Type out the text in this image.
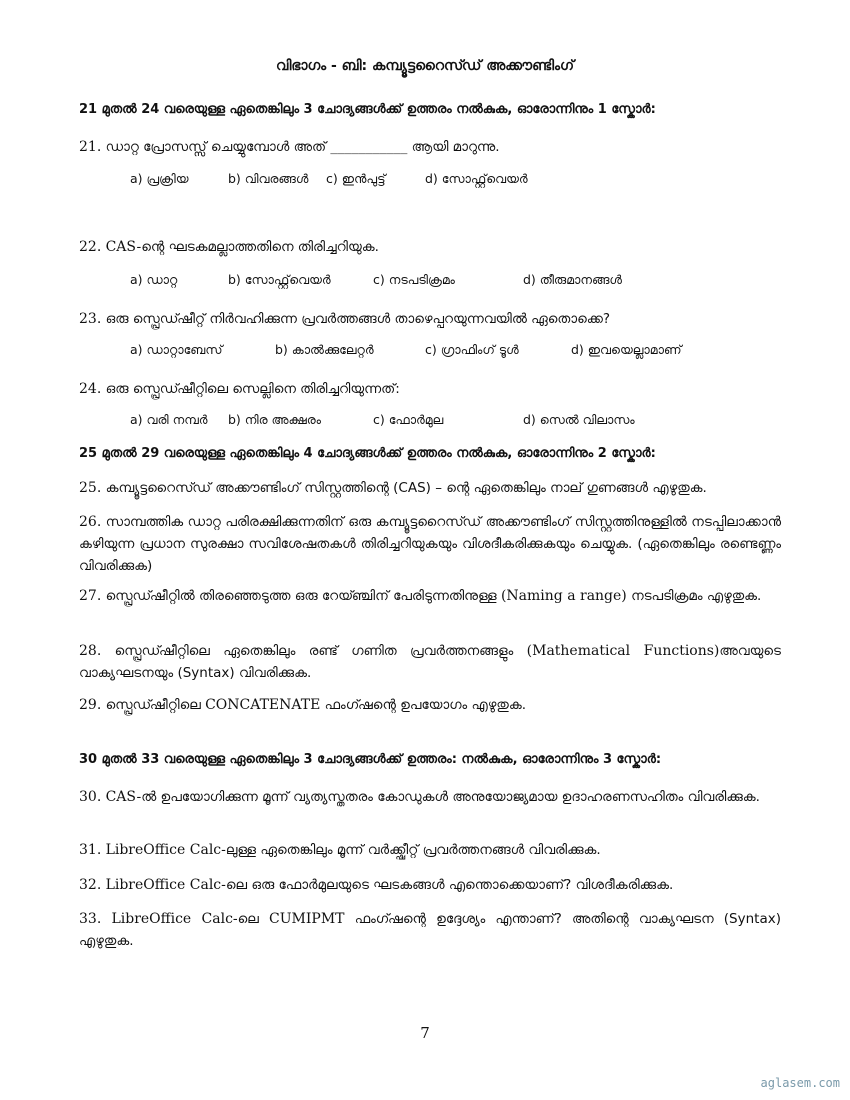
വിഭാഗം - ബി: കമ്പ്യൂട്ടറൈസ്ഡ് അക്കൗണ്ടിംഗ്
21 മുതൽ 24 വരെയുള്ള ഏതെങ്കിലും 3 ചോദ്യങ്ങൾക്ക് ഉത്തരം നൽകുക, ഓരോന്നിനും 1 സ്കോർ:
21. ഡാറ്റ പ്രോസസ്സ് ചെയ്യുമ്പോൾ അത് ___________ ആയി മാറുന്നു.
a) പ്രക്രിയ	b) വിവരങ്ങൾ c) ഇൻപുട്ട്	d) സോഫ്റ്റ്‌വെയർ
22. CAS-ന്റെ ഘടകമല്ലാത്തതിനെ തിരിച്ചറിയുക.
a) ഡാറ്റ	b) സോഫ്റ്റ്‌വെയർ	c) നടപടിക്രമം	d) തീരുമാനങ്ങൾ
23. ഒരു സ്പ്രെഡ്ഷീറ്റ് നിർവഹിക്കുന്ന പ്രവർത്തങ്ങൾ താഴെപ്പറയുന്നവയിൽ ഏതൊക്കെ?
a) ഡാറ്റാബേസ്	b) കാൽക്കുലേറ്റർ	c) ഗ്രാഫിംഗ് ടൂൾ	d) ഇവയെല്ലാമാണ്
24. ഒരു സ്പ്രെഡ്ഷീറ്റിലെ സെല്ലിനെ തിരിച്ചറിയുന്നത്:
a) വരി നമ്പർ b) നിര അക്ഷരം	c) ഫോർമുല	d) സെൽ വിലാസം
25 മുതൽ 29 വരെയുള്ള ഏതെങ്കിലും 4 ചോദ്യങ്ങൾക്ക് ഉത്തരം നൽകുക, ഓരോന്നിനും 2 സ്കോർ:
25. കമ്പ്യൂട്ടറൈസ്ഡ് അക്കൗണ്ടിംഗ് സിസ്റ്റത്തിന്റെ (CAS) – ന്റെ ഏതെങ്കിലും നാല് ഗുണങ്ങൾ എഴുതുക.
26. സാമ്പത്തിക ഡാറ്റ പരിരക്ഷിക്കുന്നതിന് ഒരു കമ്പ്യൂട്ടറൈസ്ഡ് അക്കൗണ്ടിംഗ് സിസ്റ്റത്തിനുള്ളിൽ നടപ്പിലാക്കാൻ കഴിയുന്ന പ്രധാന സുരക്ഷാ സവിശേഷതകൾ തിരിച്ചറിയുകയും വിശദീകരിക്കുകയും ചെയ്യുക. (ഏതെങ്കിലും രണ്ടെണ്ണം വിവരിക്കുക)
27. സ്പ്രെഡ്ഷീറ്റിൽ തിരഞ്ഞെടുത്ത ഒരു റേയ്ഞ്ചിന് പേരിടുന്നതിനുള്ള (Naming a range) നടപടിക്രമം എഴുതുക.
28. സ്പ്രെഡ്ഷീറ്റിലെ ഏതെങ്കിലും രണ്ട് ഗണിത പ്രവർത്തനങ്ങളും (Mathematical Functions)അവയുടെ വാക്യഘടനയും (Syntax) വിവരിക്കുക.
29. സ്പ്രെഡ്ഷീറ്റിലെ CONCATENATE ഫംഗ്ഷന്റെ ഉപയോഗം എഴുതുക.
30 മുതൽ 33 വരെയുള്ള ഏതെങ്കിലും 3 ചോദ്യങ്ങൾക്ക് ഉത്തരം: നൽകുക, ഓരോന്നിനും 3 സ്കോർ:
30. CAS-ൽ ഉപയോഗിക്കുന്ന മൂന്ന് വ്യത്യസ്തതരം കോഡുകൾ അനുയോജ്യമായ ഉദാഹരണസഹിതം വിവരിക്കുക.
31. LibreOffice Calc-ലുള്ള ഏതെങ്കിലും മൂന്ന് വർക്ക്ഷീറ്റ് പ്രവർത്തനങ്ങൾ വിവരിക്കുക.
32. LibreOffice Calc-ലെ ഒരു ഫോർമുലയുടെ ഘടകങ്ങൾ എന്തൊക്കെയാണ്? വിശദീകരിക്കുക.
33. LibreOffice Calc-ലെ CUMIPMT ഫംഗ്ഷന്റെ ഉദ്ദേശ്യം എന്താണ്? അതിന്റെ വാക്യഘടന (Syntax) എഴുതുക.
7
aglasem.com
